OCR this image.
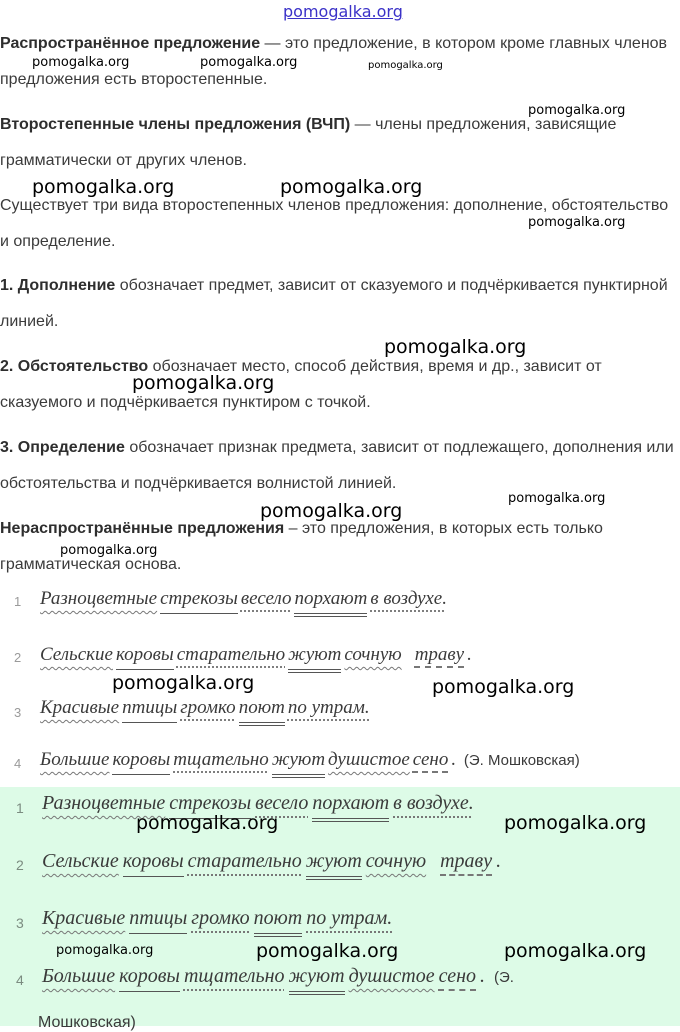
pomogalka.org
pomogalka.org	pomogalka.org	pomogalka.org
pomogalka.org
pomogalka.org	pomogalka.org
pomogalka.org
pomogalka.org
pomogalka.org
pomogalka.org
pomogalka.org
pomogalka.org

Распространённое предложение — это предложение, в котором кроме главных членов предложения есть второстепенные.

Второстепенные члены предложения (ВЧП) — члены предложения, зависящие грамматически от других членов.

Существует три вида второстепенных членов предложения: дополнение, обстоятельство и определение.

1. Дополнение обозначает предмет, зависит от сказуемого и подчёркивается пунктирной линией.

2. Обстоятельство обозначает место, способ действия, время и др., зависит от сказуемого и подчёркивается пунктиром с точкой.

3. Определение обозначает признак предмета, зависит от подлежащего, дополнения или обстоятельства и подчёркивается волнистой линией.

Нераспространённые предложения – это предложения, в которых есть только грамматическая основа.

1 Разноцветные стрекозы весело порхают в воздухе.
2 Сельские коровы старательно жуют сочную траву .
pomogalka.org	pomogalka.org
3 Красивые птицы громко поют по утрам.
4 Большие коровы тщательно жуют душистое сено . (Э. Мошковская)
1 Разноцветные стрекозы весело порхают в воздухе.
pomogalka.org	pomogalka.org
2 Сельские коровы старательно жуют сочную траву .
3 Красивые птицы громко поют по утрам.
pomogalka.org	pomogalka.org	pomogalka.org
4 Большие коровы тщательно жуют душистое сено . (Э.
Мошковская)
